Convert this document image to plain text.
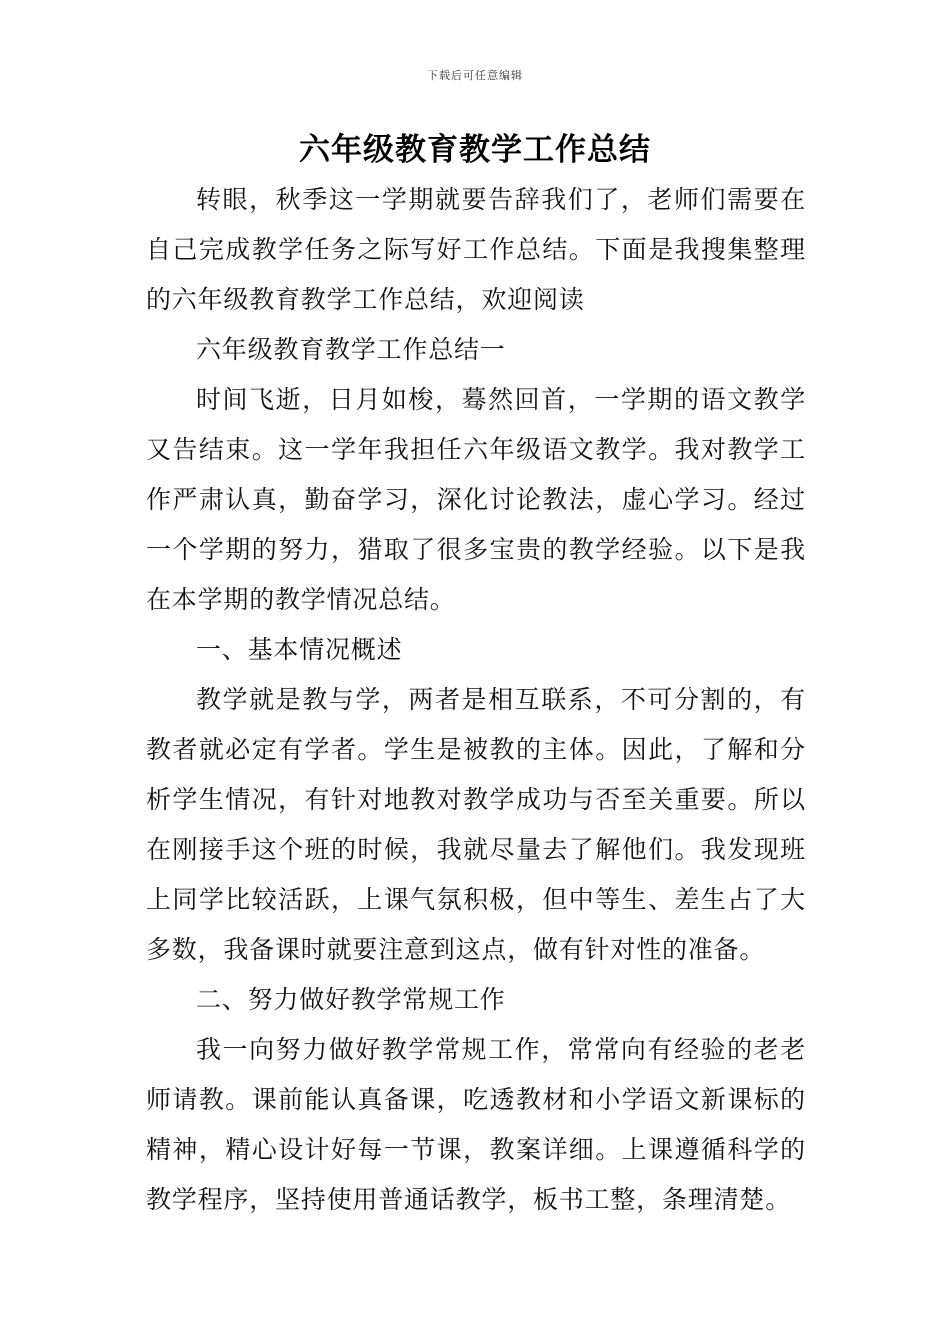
下载后可任意编辑
六年级教育教学工作总结

转眼，秋季这一学期就要告辞我们了，老师们需要在自己完成教学任务之际写好工作总结。下面是我搜集整理的六年级教育教学工作总结，欢迎阅读

六年级教育教学工作总结一

时间飞逝，日月如梭，蓦然回首，一学期的语文教学又告结束。这一学年我担任六年级语文教学。我对教学工作严肃认真，勤奋学习，深化讨论教法，虚心学习。经过一个学期的努力，猎取了很多宝贵的教学经验。以下是我在本学期的教学情况总结。

一、基本情况概述

教学就是教与学，两者是相互联系，不可分割的，有教者就必定有学者。学生是被教的主体。因此，了解和分析学生情况，有针对地教对教学成功与否至关重要。所以在刚接手这个班的时候，我就尽量去了解他们。我发现班上同学比较活跃，上课气氛积极，但中等生、差生占了大多数，我备课时就要注意到这点，做有针对性的准备。

二、努力做好教学常规工作

我一向努力做好教学常规工作，常常向有经验的老老师请教。课前能认真备课，吃透教材和小学语文新课标的精神，精心设计好每一节课，教案详细。上课遵循科学的教学程序，坚持使用普通话教学，板书工整，条理清楚。
